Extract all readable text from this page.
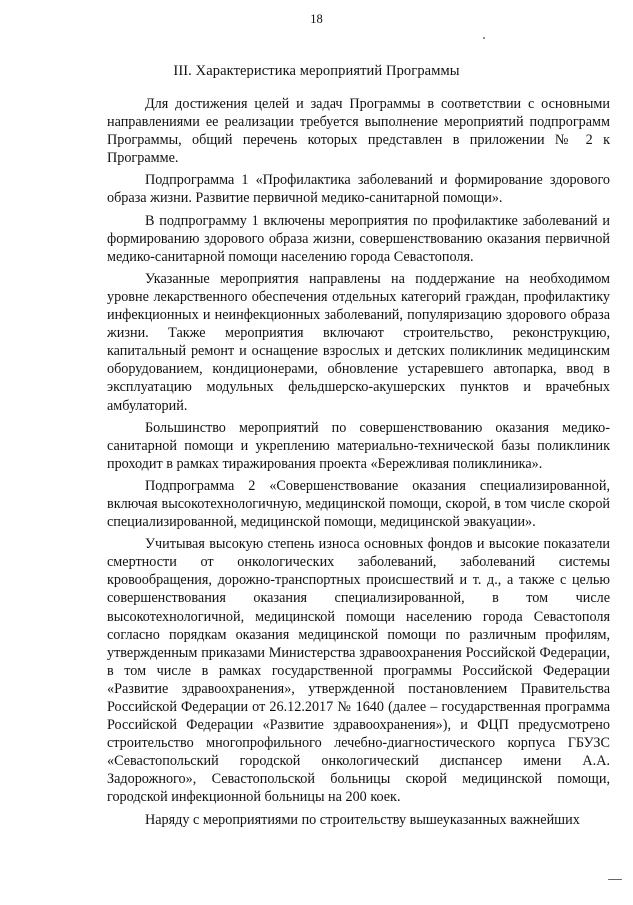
18
III. Характеристика мероприятий Программы

Для достижения целей и задач Программы в соответствии с основными направлениями ее реализации требуется выполнение мероприятий подпрограмм Программы, общий перечень которых представлен в приложении № 2 к Программе.

Подпрограмма 1 «Профилактика заболеваний и формирование здорового образа жизни. Развитие первичной медико-санитарной помощи».

В подпрограмму 1 включены мероприятия по профилактике заболеваний и формированию здорового образа жизни, совершенствованию оказания первичной медико-санитарной помощи населению города Севастополя.

Указанные мероприятия направлены на поддержание на необходимом уровне лекарственного обеспечения отдельных категорий граждан, профилактику инфекционных и неинфекционных заболеваний, популяризацию здорового образа жизни. Также мероприятия включают строительство, реконструкцию, капитальный ремонт и оснащение взрослых и детских поликлиник медицинским оборудованием, кондиционерами, обновление устаревшего автопарка, ввод в эксплуатацию модульных фельдшерско-акушерских пунктов и врачебных амбулаторий.

Большинство мероприятий по совершенствованию оказания медико-санитарной помощи и укреплению материально-технической базы поликлиник проходит в рамках тиражирования проекта «Бережливая поликлиника».

Подпрограмма 2 «Совершенствование оказания специализированной, включая высокотехнологичную, медицинской помощи, скорой, в том числе скорой специализированной, медицинской помощи, медицинской эвакуации».

Учитывая высокую степень износа основных фондов и высокие показатели смертности от онкологических заболеваний, заболеваний системы кровообращения, дорожно-транспортных происшествий и т. д., а также с целью совершенствования оказания специализированной, в том числе высокотехнологичной, медицинской помощи населению города Севастополя согласно порядкам оказания медицинской помощи по различным профилям, утвержденным приказами Министерства здравоохранения Российской Федерации, в том числе в рамках государственной программы Российской Федерации «Развитие здравоохранения», утвержденной постановлением Правительства Российской Федерации от 26.12.2017 № 1640 (далее – государственная программа Российской Федерации «Развитие здравоохранения»), и ФЦП предусмотрено строительство многопрофильного лечебно-диагностического корпуса ГБУЗС «Севастопольский городской онкологический диспансер имени А.А. Задорожного», Севастопольской больницы скорой медицинской помощи, городской инфекционной больницы на 200 коек.

Наряду с мероприятиями по строительству вышеуказанных важнейших
